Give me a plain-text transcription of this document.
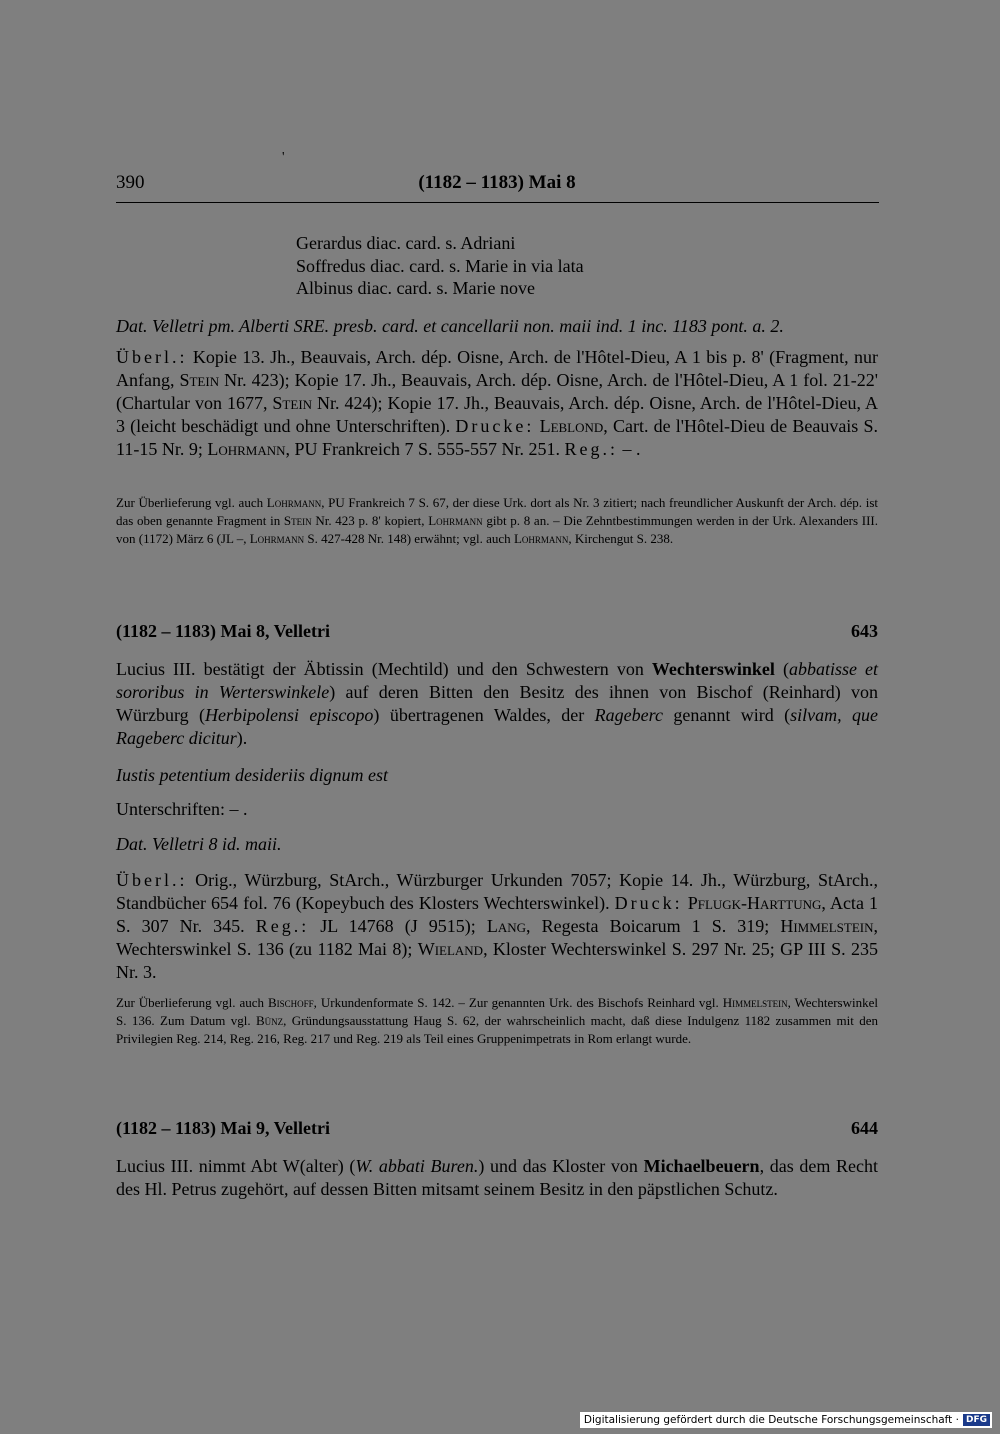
'
390	(1182 – 1183) Mai 8
Gerardus diac. card. s. Adriani
Soffredus diac. card. s. Marie in via lata
Albinus diac. card. s. Marie nove

Dat. Velletri pm. Alberti SRE. presb. card. et cancellarii non. maii ind. 1 inc. 1183 pont. a. 2.

Überl.: Kopie 13. Jh., Beauvais, Arch. dép. Oisne, Arch. de l'Hôtel-Dieu, A 1 bis p. 8' (Fragment, nur Anfang, Stein Nr. 423); Kopie 17. Jh., Beauvais, Arch. dép. Oisne, Arch. de l'Hôtel-Dieu, A 1 fol. 21-22' (Chartular von 1677, Stein Nr. 424); Kopie 17. Jh., Beauvais, Arch. dép. Oisne, Arch. de l'Hôtel-Dieu, A 3 (leicht beschädigt und ohne Unterschriften). Drucke: Leblond, Cart. de l'Hôtel-Dieu de Beauvais S. 11-15 Nr. 9; Lohrmann, PU Frankreich 7 S. 555-557 Nr. 251. Reg.: – .

Zur Überlieferung vgl. auch Lohrmann, PU Frankreich 7 S. 67, der diese Urk. dort als Nr. 3 zitiert; nach freundlicher Auskunft der Arch. dép. ist das oben genannte Fragment in Stein Nr. 423 p. 8' kopiert, Lohrmann gibt p. 8 an. – Die Zehntbestimmungen werden in der Urk. Alexanders III. von (1172) März 6 (JL –, Lohrmann S. 427-428 Nr. 148) erwähnt; vgl. auch Lohrmann, Kirchengut S. 238.

(1182 – 1183) Mai 8, Velletri	643

Lucius III. bestätigt der Äbtissin (Mechtild) und den Schwestern von Wechterswinkel (abbatisse et sororibus in Werterswinkele) auf deren Bitten den Besitz des ihnen von Bischof (Reinhard) von Würzburg (Herbipolensi episcopo) übertragenen Waldes, der Rageberc genannt wird (silvam, que Rageberc dicitur).

Iustis petentium desideriis dignum est

Unterschriften: – .

Dat. Velletri 8 id. maii.

Überl.: Orig., Würzburg, StArch., Würzburger Urkunden 7057; Kopie 14. Jh., Würzburg, StArch., Standbücher 654 fol. 76 (Kopeybuch des Klosters Wechterswinkel). Druck: Pflugk-Harttung, Acta 1 S. 307 Nr. 345. Reg.: JL 14768 (J 9515); Lang, Regesta Boicarum 1 S. 319; Himmelstein, Wechterswinkel S. 136 (zu 1182 Mai 8); Wieland, Kloster Wechterswinkel S. 297 Nr. 25; GP III S. 235 Nr. 3.

Zur Überlieferung vgl. auch Bischoff, Urkundenformate S. 142. – Zur genannten Urk. des Bischofs Reinhard vgl. Himmelstein, Wechterswinkel S. 136. Zum Datum vgl. Bünz, Gründungsausstattung Haug S. 62, der wahrscheinlich macht, daß diese Indulgenz 1182 zusammen mit den Privilegien Reg. 214, Reg. 216, Reg. 217 und Reg. 219 als Teil eines Gruppenimpetrats in Rom erlangt wurde.

(1182 – 1183) Mai 9, Velletri	644

Lucius III. nimmt Abt W(alter) (W. abbati Buren.) und das Kloster von Michaelbeuern, das dem Recht des Hl. Petrus zugehört, auf dessen Bitten mitsamt seinem Besitz in den päpstlichen Schutz.

Digitalisierung gefördert durch die Deutsche Forschungsgemeinschaft · DFG
